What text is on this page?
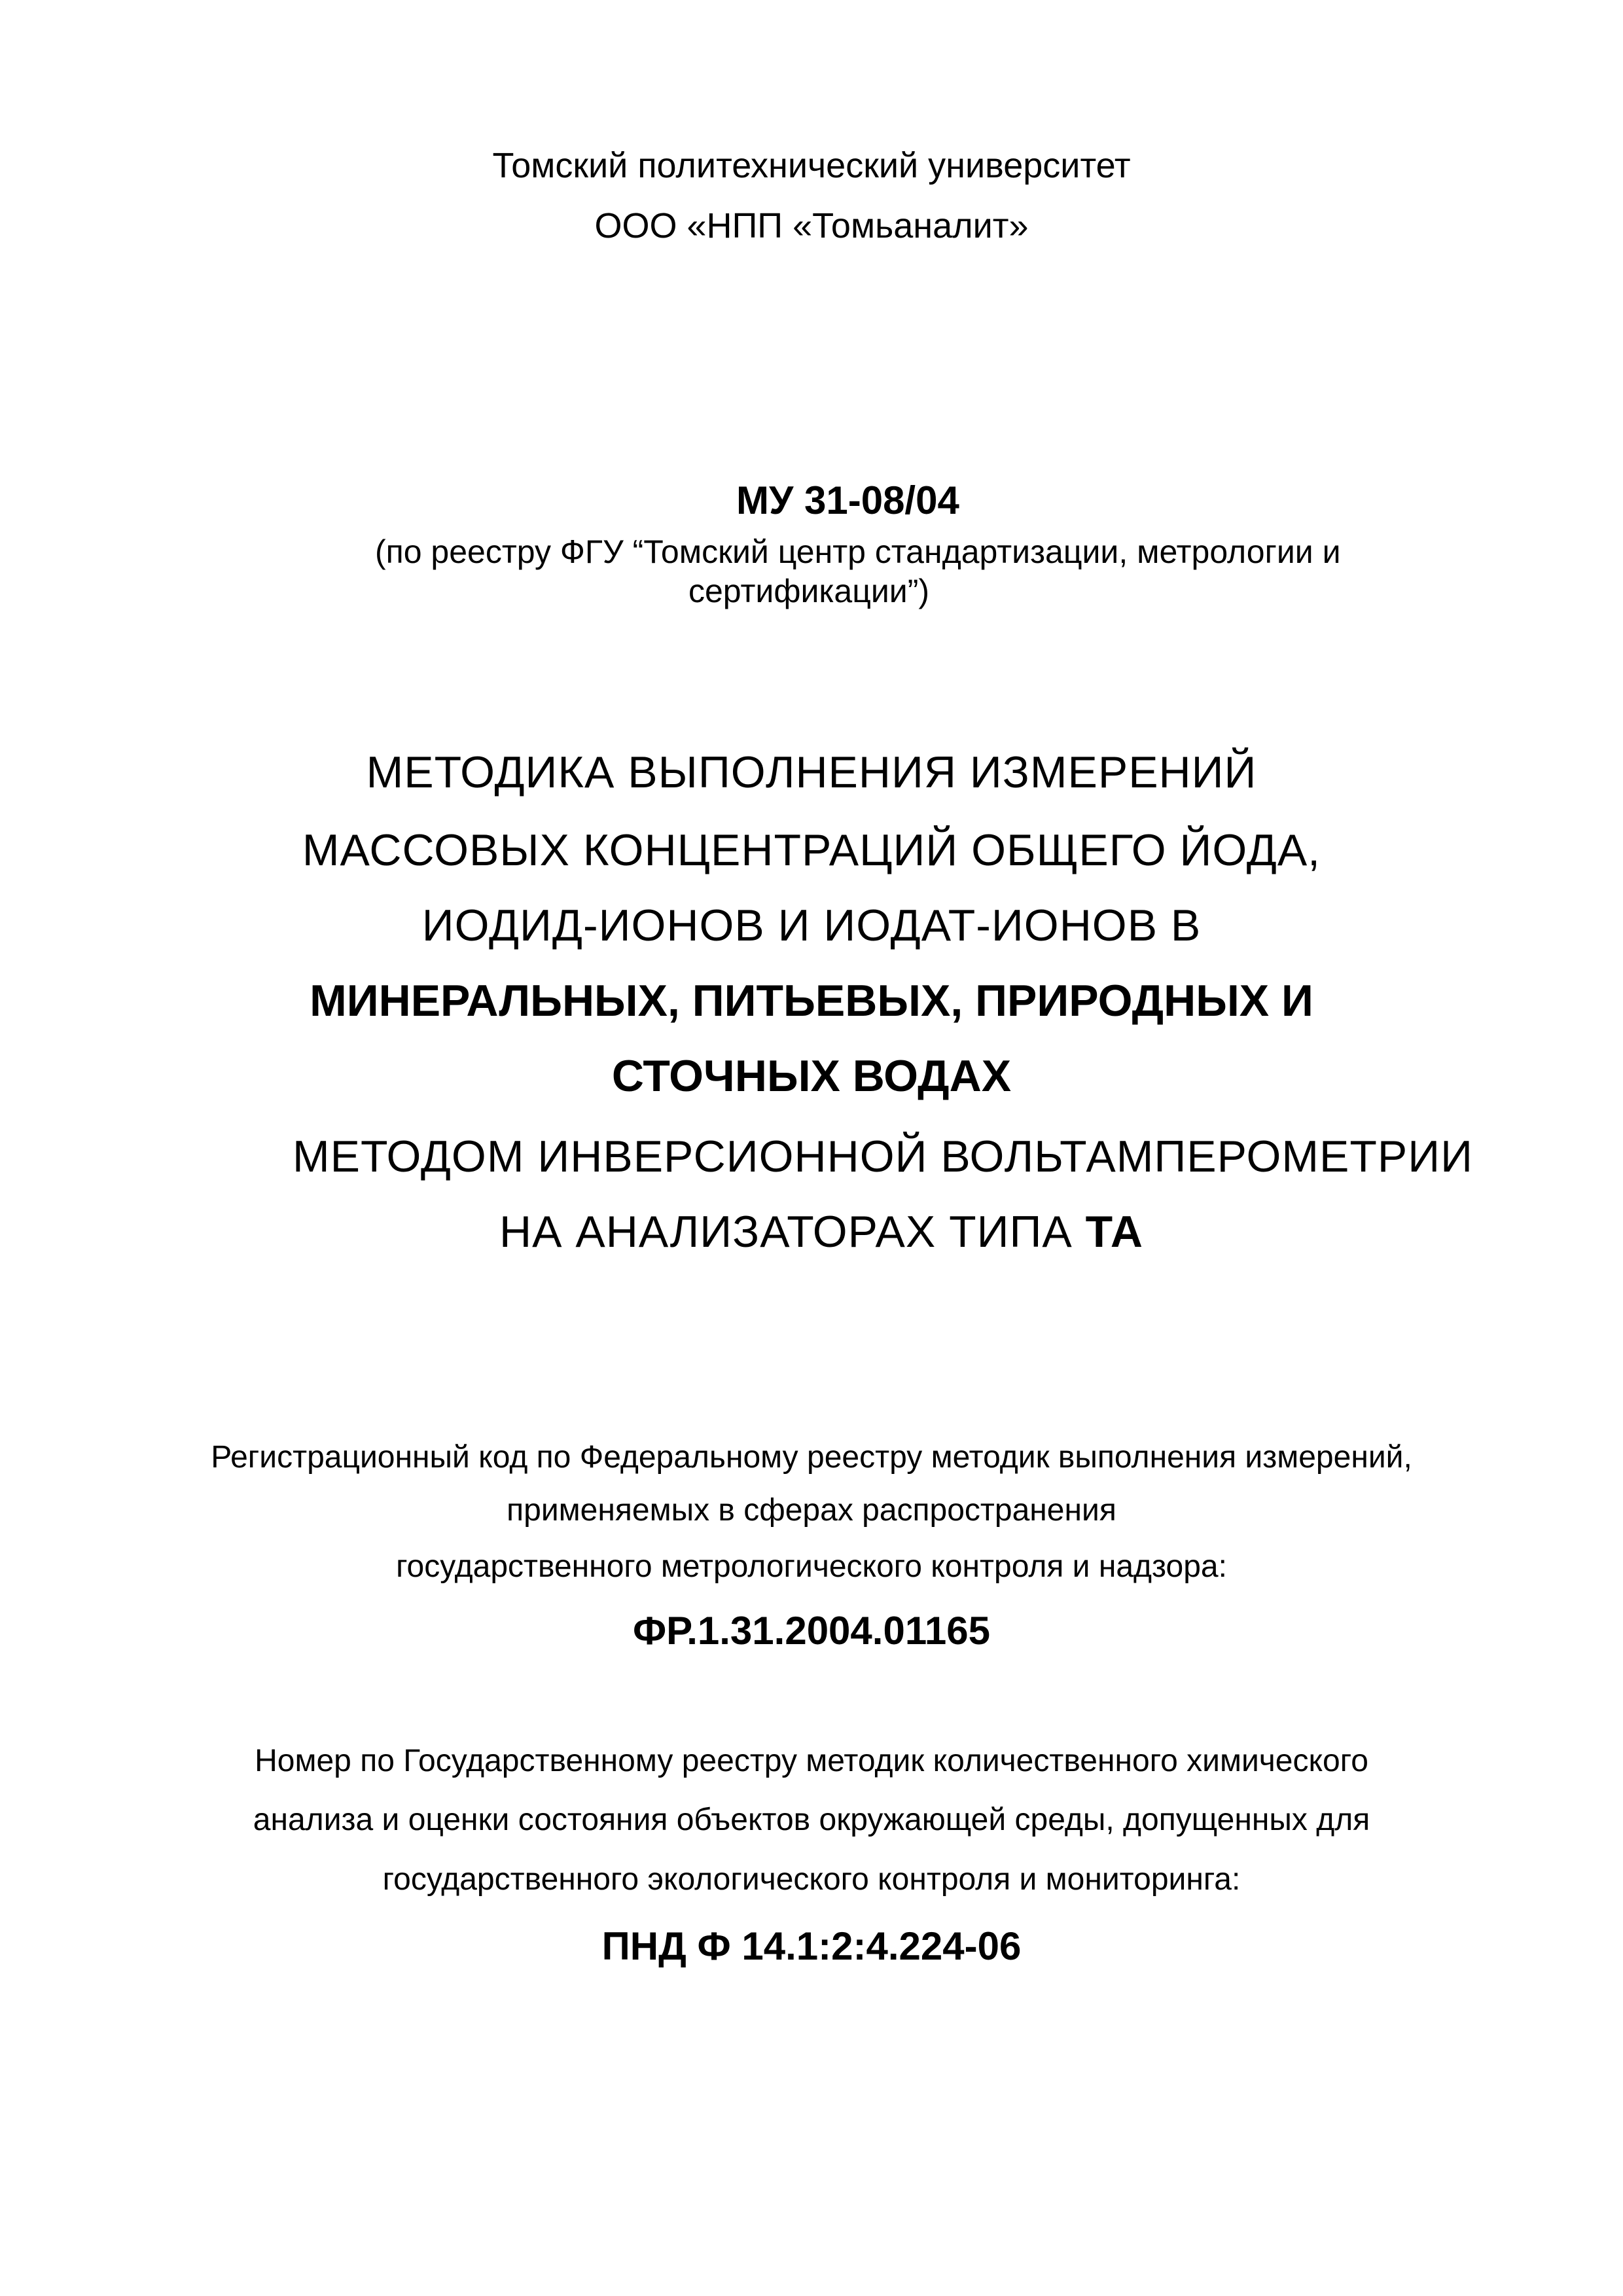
Томский политехнический университет
ООО «НПП «Томьаналит»
МУ 31-08/04
(по реестру ФГУ “Томский центр стандартизации, метрологии и
сертификации”)
МЕТОДИКА ВЫПОЛНЕНИЯ ИЗМЕРЕНИЙ
МАССОВЫХ КОНЦЕНТРАЦИЙ ОБЩЕГО ЙОДА,
ИОДИД-ИОНОВ И ИОДАТ-ИОНОВ В
МИНЕРАЛЬНЫХ, ПИТЬЕВЫХ, ПРИРОДНЫХ И
СТОЧНЫХ ВОДАХ
МЕТОДОМ ИНВЕРСИОННОЙ ВОЛЬТАМПЕРОМЕТРИИ
НА АНАЛИЗАТОРАХ ТИПА ТА
Регистрационный код по Федеральному реестру методик выполнения измерений,
применяемых в сферах распространения
государственного метрологического контроля и надзора:
ФР.1.31.2004.01165
Номер по Государственному реестру методик количественного химического
анализа и оценки состояния объектов окружающей среды, допущенных для
государственного экологического контроля и мониторинга:
ПНД Ф 14.1:2:4.224-06
